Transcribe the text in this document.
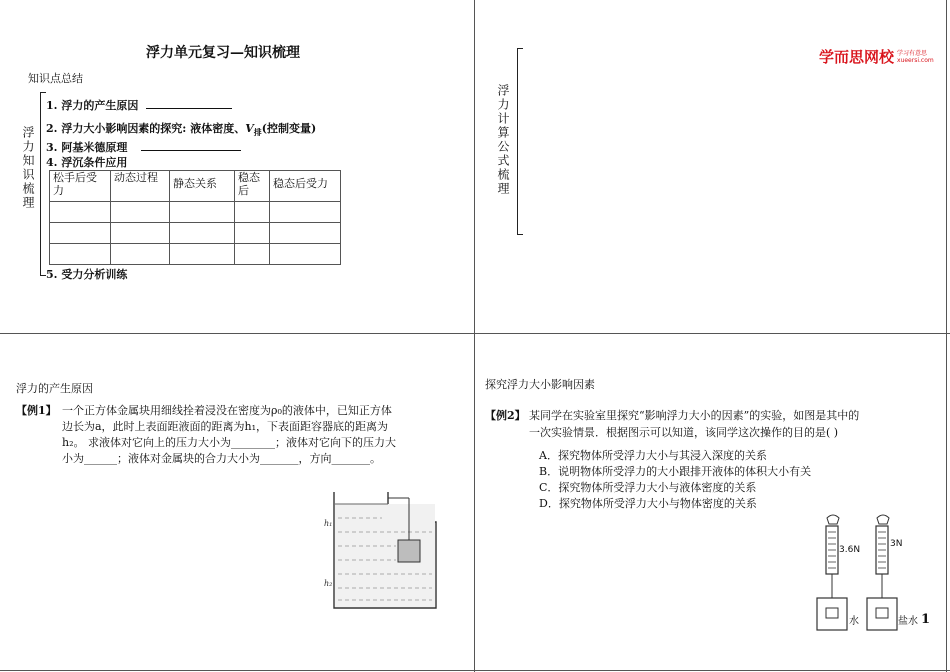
浮力单元复习—知识梳理
知识点总结
浮力知识梳理
1. 浮力的产生原因
2. 浮力大小影响因素的探究: 液体密度、$V_排$(控制变量)
3. 阿基米德原理
4. 浮沉条件应用
松手后受力	动态过程	静态关系	稳态后	稳态后受力

5. 受力分析训练
浮力计算公式梳理
学而思网校 学习有意思
xueersi.com
浮力的产生原因
【例1】 一个正方体金属块用细线拴着浸没在密度为ρ₀的液体中，已知正方体
边长为a，此时上表面距液面的距离为h₁，下表面距容器底的距离为
h₂。 求液体对它向上的压力大小为________；液体对它向下的压力大
小为______；液体对金属块的合力大小为_______，方向_______。
h₁
h₂
探究浮力大小影响因素
【例2】 某同学在实验室里探究“影响浮力大小的因素”的实验，如图是其中的
一次实验情景．根据图示可以知道，该同学这次操作的目的是( )
A．探究物体所受浮力大小与其浸入深度的关系
B．说明物体所受浮力的大小跟排开液体的体积大小有关
C．探究物体所受浮力大小与液体密度的关系
D．探究物体所受浮力大小与物体密度的关系
3.6N
水
3N
盐水 1
